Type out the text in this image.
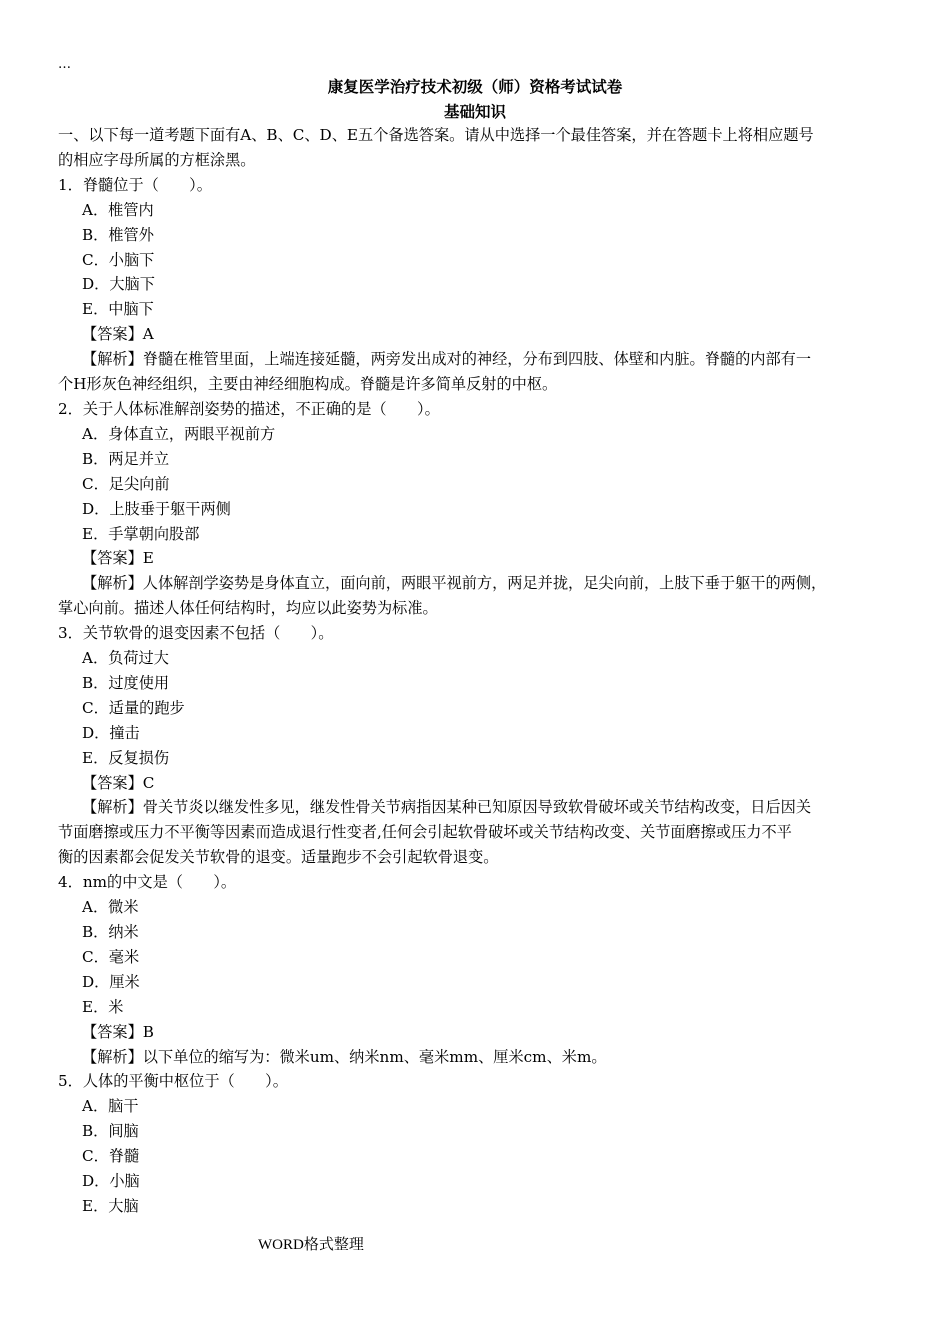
…
康复医学治疗技术初级（师）资格考试试卷
基础知识

一、以下每一道考题下面有A、B、C、D、E五个备选答案。请从中选择一个最佳答案，并在答题卡上将相应题号

的相应字母所属的方框涂黑。

1．脊髓位于（　　）。

A．椎管内

B．椎管外

C．小脑下

D．大脑下

E．中脑下

【答案】A

【解析】脊髓在椎管里面，上端连接延髓，两旁发出成对的神经，分布到四肢、体壁和内脏。脊髓的内部有一

个H形灰色神经组织，主要由神经细胞构成。脊髓是许多简单反射的中枢。

2．关于人体标准解剖姿势的描述，不正确的是（　　）。

A．身体直立，两眼平视前方

B．两足并立

C．足尖向前

D．上肢垂于躯干两侧

E．手掌朝向股部

【答案】E

【解析】人体解剖学姿势是身体直立，面向前，两眼平视前方，两足并拢，足尖向前，上肢下垂于躯干的两侧，

掌心向前。描述人体任何结构时，均应以此姿势为标准。

3．关节软骨的退变因素不包括（　　）。

A．负荷过大

B．过度使用

C．适量的跑步

D．撞击

E．反复损伤

【答案】C

【解析】骨关节炎以继发性多见，继发性骨关节病指因某种已知原因导致软骨破坏或关节结构改变，日后因关

节面磨擦或压力不平衡等因素而造成退行性变者,任何会引起软骨破坏或关节结构改变、关节面磨擦或压力不平

衡的因素都会促发关节软骨的退变。适量跑步不会引起软骨退变。

4．nm的中文是（　　）。

A．微米

B．纳米

C．毫米

D．厘米

E．米

【答案】B

【解析】以下单位的缩写为：微米um、纳米nm、毫米mm、厘米cm、米m。

5．人体的平衡中枢位于（　　）。

A．脑干

B．间脑

C．脊髓

D．小脑

E．大脑

WORD格式整理
